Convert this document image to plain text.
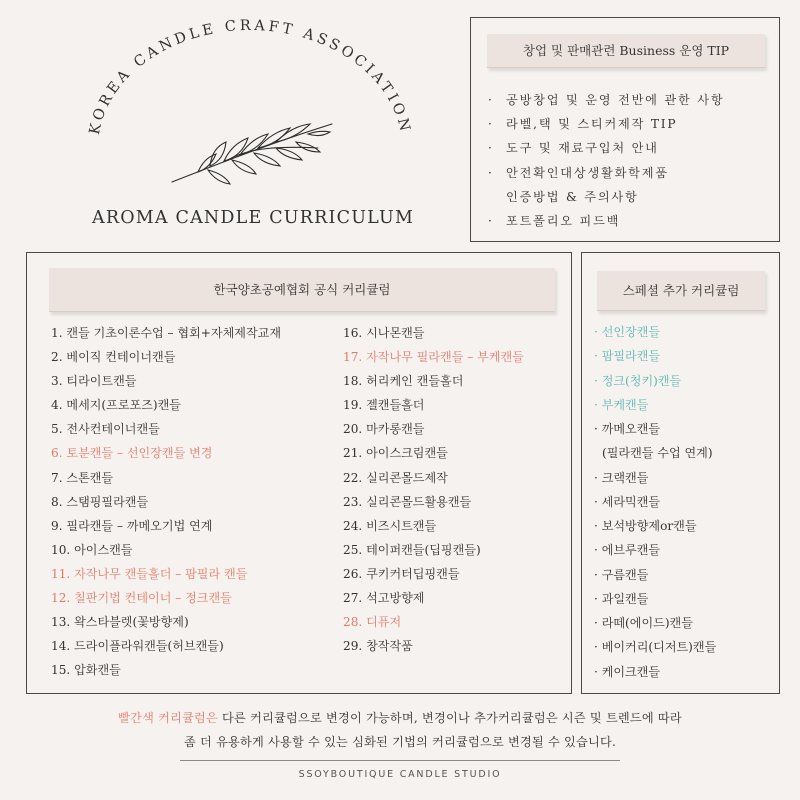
KOREA CANDLE CRAFT ASSOCIATION
AROMA CANDLE CURRICULUM
창업 및 판매관련 Business 운영 TIP
· 공방창업 및 운영 전반에 관한 사항
· 라벨,택 및 스티커제작 TIP
· 도구 및 재료구입처 안내
· 안전확인대상생활화학제품
인증방법 & 주의사항
· 포트폴리오 피드백
한국양초공예협회 공식 커리큘럼
1. 캔들 기초이론수업 – 협회+자체제작교재
2. 베이직 컨테이너캔들
3. 티라이트캔들
4. 메세지(프로포즈)캔들
5. 전사컨테이너캔들
6. 토분캔들 – 선인장캔들 변경
7. 스톤캔들
8. 스탬핑필라캔들
9. 필라캔들 – 까메오기법 연계
10. 아이스캔들
11. 자작나무 캔들홀더 – 팜필라 캔들
12. 칠판기법 컨테이너 – 정크캔들
13. 왁스타블렛(꽃방향제)
14. 드라이플라워캔들(허브캔들)
15. 압화캔들
16. 시나몬캔들
17. 자작나무 필라캔들 – 부케캔들
18. 허리케인 캔들홀더
19. 젤캔들홀더
20. 마카롱캔들
21. 아이스크림캔들
22. 실리콘몰드제작
23. 실리콘몰드활용캔들
24. 비즈시트캔들
25. 테이퍼캔들(딥핑캔들)
26. 쿠키커터딥핑캔들
27. 석고방향제
28. 디퓨저
29. 창작작품
스페셜 추가 커리큘럼
· 선인장캔들
· 팜필라캔들
· 정크(청키)캔들
· 부케캔들
· 까메오캔들
(필라캔들 수업 연계)
· 크랙캔들
· 세라믹캔들
· 보석방향제or캔들
· 에브루캔들
· 구름캔들
· 과일캔들
· 라떼(에이드)캔들
· 베이커리(디저트)캔들
· 케이크캔들
빨간색 커리큘럼은 다른 커리큘럼으로 변경이 가능하며, 변경이나 추가커리큘럼은 시즌 및 트렌드에 따라
좀 더 유용하게 사용할 수 있는 심화된 기법의 커리큘럼으로 변경될 수 있습니다.
SSOYBOUTIQUE CANDLE STUDIO
